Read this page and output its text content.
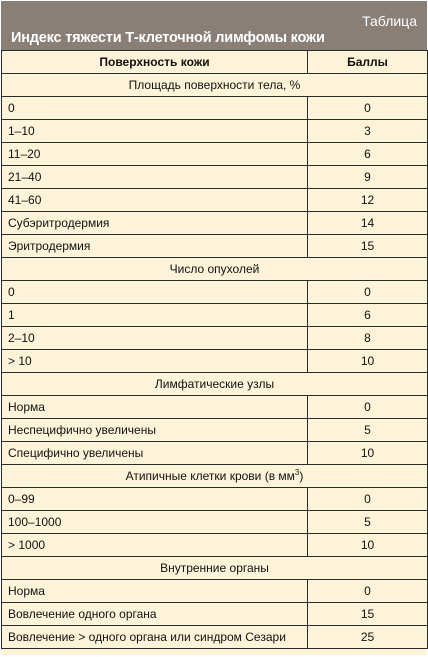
Таблица
Индекс тяжести Т-клеточной лимфомы кожи
Поверхность кожи	Баллы
Площадь поверхности тела, %	
0	0
1–10	3
11–20	6
21–40	9
41–60	12
Субэритродермия	14
Эритродермия	15
Число опухолей	
0	0
1	6
2–10	8
> 10	10
Лимфатические узлы	
Норма	0
Неспецифично увеличены	5
Специфично увеличены	10
Атипичные клетки крови (в $мм^3$)	
0–99	0
100–1000	5
> 1000	10
Внутренние органы	
Норма	0
Вовлечение одного органа	15
Вовлечение > одного органа или синдром Сезари	25
